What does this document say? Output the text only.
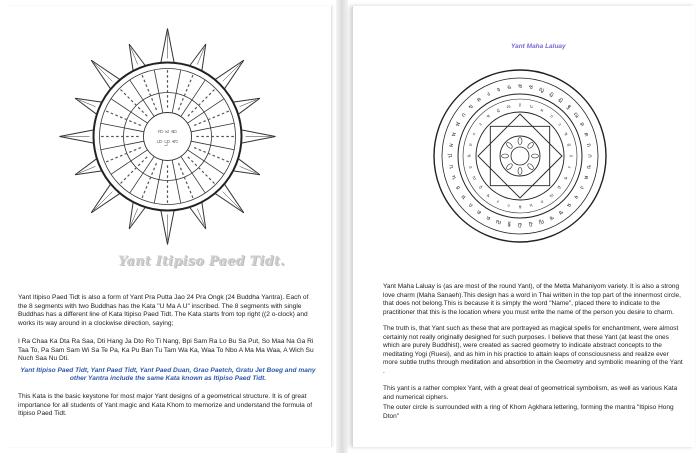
ꩡ ꩢ ꩣ
ꩤ ꩥ ꩦ
Yant Itipiso Paed Tidt.

Yant Itipiso Paed Tidt is also a form of Yant Pra Putta Jao 24 Pra Ongk (24 Buddha Yantra). Each of the 8 segments with two Buddhas has the Kata "U Ma A U" inscribed. The 8 segments with single Buddhas has a different line of Kata Itipiso Paed Tidt. The Kata starts from top right ((2 o-clock) and works its way around in a clockwise direction, saying;

I Ra Chaa Ka Dta Ra Saa, Dti Hang Ja Dto Ro Ti Nang, Bpi Sam Ra Lo Bu Sa Put, So Maa Na Ga Ri Taa To, Pa Sam Sam Wi Sa Te Pa, Ka Pu Ban Tu Tam Wa Ka, Waa To Nbo A Ma Ma Waa, A Wich Su Nuch Saa Nu Dti.

Yant Itipiso Paed Tidt, Yant Paed Tidt, Yant Paed Duan, Grao Paetch, Gratu Jet Boeg and many other Yantra include the same Kata known as Itipiso Paed Tidt.

This Kata is the basic keystone for most major Yant designs of a geometrical structure. It is of great importance for all students of Yant magic and Kata Khom to memorize and understand the formula of Itipiso Paed Tidt.

Yant Maha Laluay
ก
ข
ค
ง
จ
ฉ
ช
ซ
ญ
ฎ
ฏ
ฐ
ณ
ด
ต
ถ
ท
ธ
น
บ
ป
ผ
พ
ฟ
ก
ข
ค
ง
จ ฉ ช ซ ญ
ฎ
ฏ
ฐ
ณ
ด
ต
ถ
ก
ง
ช
ฎ
ณ
ถ
น
ผ
ก
ง
ช
ฎ
ณ
ถ
น
ผ
ก
ง
ช
ฎ
ณ ถ น
ผ
ก
ง
ช
ฎ

Yant Maha Laluay is (as are most of the round Yant), of the Metta Mahaniyom variety. It is also a strong love charm (Maha Sanaeh).This design has a word in Thai written in the top part of the innermost circle, that does not belong.This is because it is simply the word "Name", placed there to indicate to the practitioner that this is the location where you must write the name of the person you desire to charm.

The truth is, that Yant such as these that are portrayed as magical spells for enchantment, were almost certainly not really originally designed for such purposes. I believe that these Yant (at least the ones which are purely Buddhist), were created as sacred geometry to indicate abstract concepts to the meditating Yogi (Ruesi), and as him in his practice to attain leaps of consciousness and realize ever more subtle truths through meditation and absorbtion in the Geometry and symbolic meaning of the Yant .

This yant is a rather complex Yant, with a great deal of geometrical symbolism, as well as various Kata and numerical ciphers.

The outer circle is surrounded with a ring of Khom Agkhara lettering, forming the mantra "Itipiso Hong Dton"
